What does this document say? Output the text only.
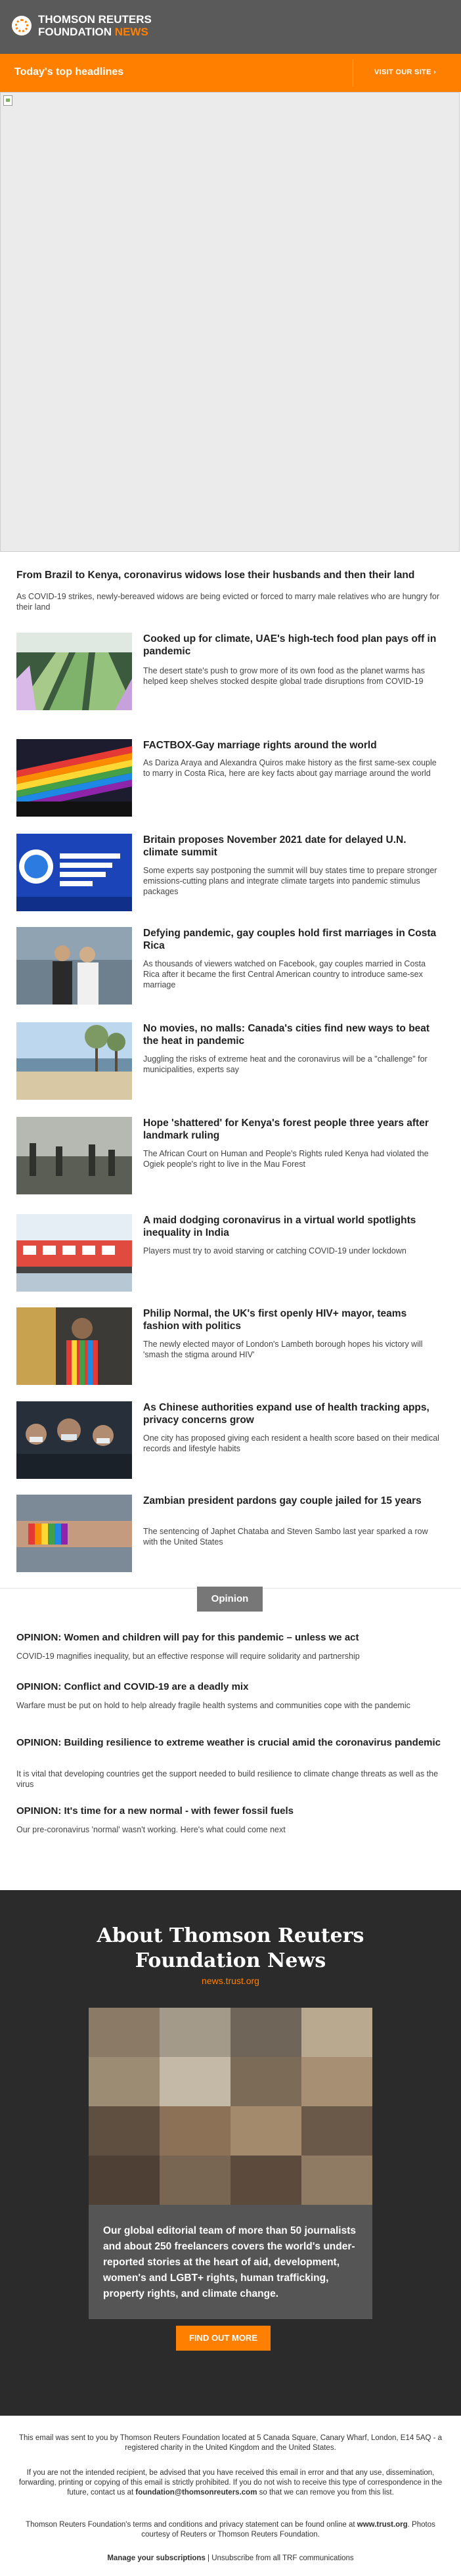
THOMSON REUTERS
FOUNDATION NEWS
Today's top headlines	VISIT OUR SITE ›
From Brazil to Kenya, coronavirus widows lose their husbands and then their land
As COVID-19 strikes, newly-bereaved widows are being evicted or forced to marry male relatives who are hungry for their land
Cooked up for climate, UAE's high-tech food plan pays off in pandemic
The desert state's push to grow more of its own food as the planet warms has helped keep shelves stocked despite global trade disruptions from COVID-19
FACTBOX-Gay marriage rights around the world
As Dariza Araya and Alexandra Quiros make history as the first same-sex couple to marry in Costa Rica, here are key facts about gay marriage around the world
Britain proposes November 2021 date for delayed U.N. climate summit
Some experts say postponing the summit will buy states time to prepare stronger emissions-cutting plans and integrate climate targets into pandemic stimulus packages
Defying pandemic, gay couples hold first marriages in Costa Rica
As thousands of viewers watched on Facebook, gay couples married in Costa Rica after it became the first Central American country to introduce same-sex marriage
No movies, no malls: Canada's cities find new ways to beat the heat in pandemic
Juggling the risks of extreme heat and the coronavirus will be a "challenge" for municipalities, experts say
Hope 'shattered' for Kenya's forest people three years after landmark ruling
The African Court on Human and People's Rights ruled Kenya had violated the Ogiek people's right to live in the Mau Forest
A maid dodging coronavirus in a virtual world spotlights inequality in India
Players must try to avoid starving or catching COVID-19 under lockdown
Philip Normal, the UK's first openly HIV+ mayor, teams fashion with politics
The newly elected mayor of London's Lambeth borough hopes his victory will 'smash the stigma around HIV'
As Chinese authorities expand use of health tracking apps, privacy concerns grow
One city has proposed giving each resident a health score based on their medical records and lifestyle habits
Zambian president pardons gay couple jailed for 15 years
The sentencing of Japhet Chataba and Steven Sambo last year sparked a row with the United States
Opinion
OPINION: Women and children will pay for this pandemic – unless we act
COVID-19 magnifies inequality, but an effective response will require solidarity and partnership
OPINION: Conflict and COVID-19 are a deadly mix
Warfare must be put on hold to help already fragile health systems and communities cope with the pandemic
OPINION: Building resilience to extreme weather is crucial amid the coronavirus pandemic
It is vital that developing countries get the support needed to build resilience to climate change threats as well as the virus
OPINION: It's time for a new normal - with fewer fossil fuels
Our pre-coronavirus 'normal' wasn't working. Here's what could come next
About Thomson Reuters
Foundation News
news.trust.org
Our global editorial team of more than 50 journalists and about 250 freelancers covers the world's under-reported stories at the heart of aid, development, women's and LGBT+ rights, human trafficking, property rights, and climate change.
FIND OUT MORE

This email was sent to you by Thomson Reuters Foundation located at 5 Canada Square, Canary Wharf, London, E14 5AQ - a registered charity in the United Kingdom and the United States.

If you are not the intended recipient, be advised that you have received this email in error and that any use, dissemination, forwarding, printing or copying of this email is strictly prohibited. If you do not wish to receive this type of correspondence in the future, contact us at foundation@thomsonreuters.com so that we can remove you from this list.

Thomson Reuters Foundation's terms and conditions and privacy statement can be found online at www.trust.org. Photos courtesy of Reuters or Thomson Reuters Foundation.

Manage your subscriptions | Unsubscribe from all TRF communications
